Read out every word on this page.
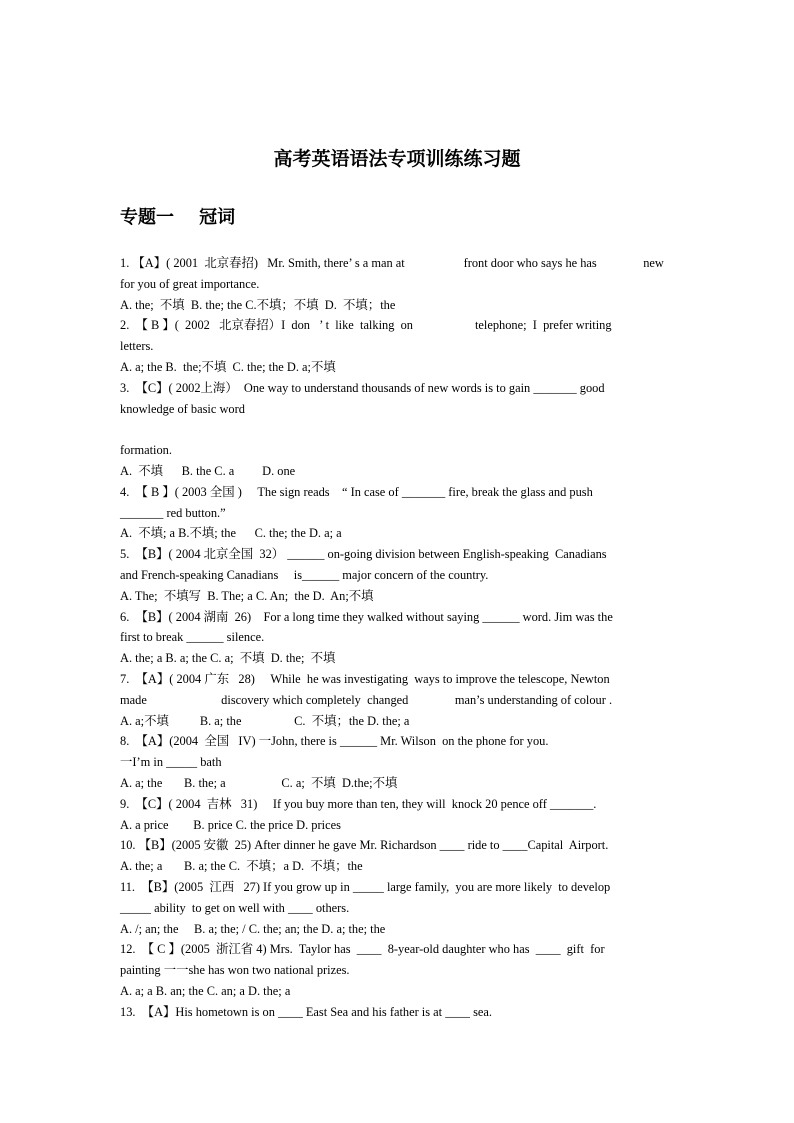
高考英语语法专项训练练习题
专题一    冠词
1. 【A】( 2001  北京春招)   Mr. Smith, there’ s a man at                   front door who says he has               new
for you of great importance.
A. the;  不填  B. the; the C.不填；不填  D.  不填；the
2.  【 B 】(  2002   北京春招）I  don   ’ t  like  talking  on                    telephone;  I  prefer writing
letters.
A. a; the B.  the;不填  C. the; the D. a;不填
3.  【C】( 2002上海）  One way to understand thousands of new words is to gain _______ good
knowledge of basic word
formation.
A.  不填      B. the C. a         D. one
4.  【 B 】( 2003 全国 )     The sign reads    “ In case of _______ fire, break the glass and push
_______ red button.”
A.  不填; a B.不填; the      C. the; the D. a; a
5.  【B】( 2004 北京全国  32） ______ on-going division between English-speaking  Canadians
and French-speaking Canadians     is______ major concern of the country.
A. The;  不填写  B. The; a C. An;  the D.  An;不填
6.  【B】( 2004 湖南  26)    For a long time they walked without saying ______ word. Jim was the
first to break ______ silence.
A. the; a B. a; the C. a;  不填  D. the;  不填
7.  【A】( 2004 广东   28)     While  he was investigating  ways to improve the telescope, Newton
made                        discovery which completely  changed               man’s understanding of colour .
A. a;不填          B. a; the                 C.  不填；the D. the; a
8.  【A】(2004  全国   IV) 一John, there is ______ Mr. Wilson  on the phone for you.
一I’m in _____ bath
A. a; the       B. the; a                  C. a;  不填  D.the;不填
9.  【C】( 2004  吉林   31)     If you buy more than ten, they will  knock 20 pence off _______.
A. a price        B. price C. the price D. prices
10. 【B】(2005 安徽  25) After dinner he gave Mr. Richardson ____ ride to ____Capital  Airport.
A. the; a       B. a; the C.  不填；a D.  不填；the
11.  【B】(2005  江西   27) If you grow up in _____ large family,  you are more likely  to develop
_____ ability  to get on well with ____ others.
A. /; an; the     B. a; the; / C. the; an; the D. a; the; the
12.  【 C 】(2005  浙江省 4) Mrs.  Taylor has  ____  8-year-old daughter who has  ____  gift  for
painting 一一she has won two national prizes.
A. a; a B. an; the C. an; a D. the; a
13.  【A】His hometown is on ____ East Sea and his father is at ____ sea.
